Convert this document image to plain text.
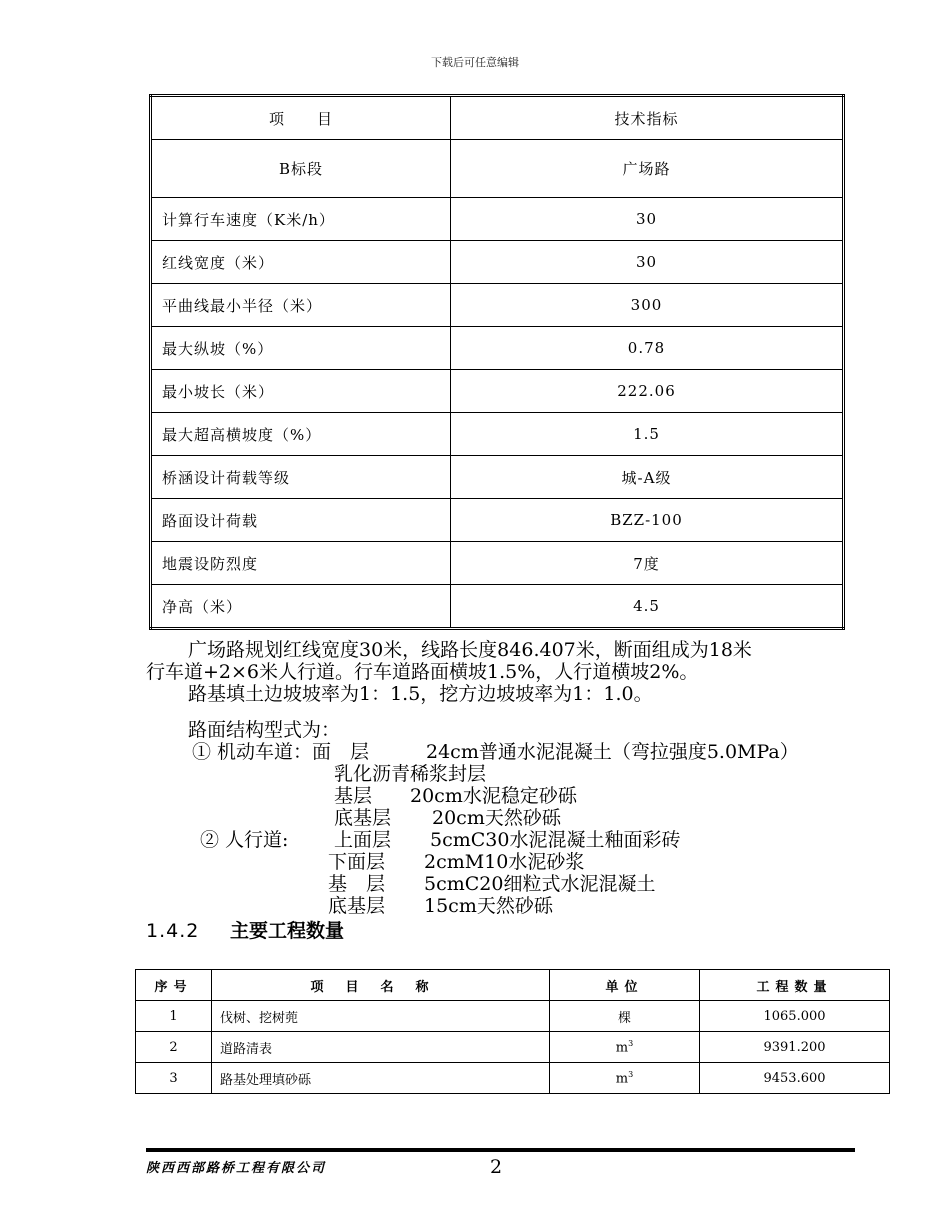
下载后可任意编辑
项　　目	技术指标
B标段	广场路
计算行车速度（K米/h）	30
红线宽度（米）	30
平曲线最小半径（米）	300
最大纵坡（%）	0.78
最小坡长（米）	222.06
最大超高横坡度（%）	1.5
桥涵设计荷载等级	城-A级
路面设计荷载	BZZ-100
地震设防烈度	7度
净高（米）	4.5
广场路规划红线宽度30米，线路长度846.407米，断面组成为18米
行车道+2×6米人行道。行车道路面横坡1.5%，人行道横坡2%。
路基填土边坡坡率为1：1.5，挖方边坡坡率为1：1.0。
路面结构型式为：
① 机动车道：面　层	24cm普通水泥混凝土（弯拉强度5.0MPa）
乳化沥青稀浆封层
基层 20cm水泥稳定砂砾
底基层 20cm天然砂砾
② 人行道: 上面层 5cmC30水泥混凝土釉面彩砖
下面层 2cmM10水泥砂浆
基　层 5cmC20细粒式水泥混凝土
底基层 15cm天然砂砾
1.4.2 主要工程数量
序号	项目名称	单位	工程数量
1	伐树、挖树蔸	棵	1065.000
2	道路清表	$m^3$	9391.200
3	路基处理填砂砾	$m^3$	9453.600
陕西西部路桥工程有限公司	2
